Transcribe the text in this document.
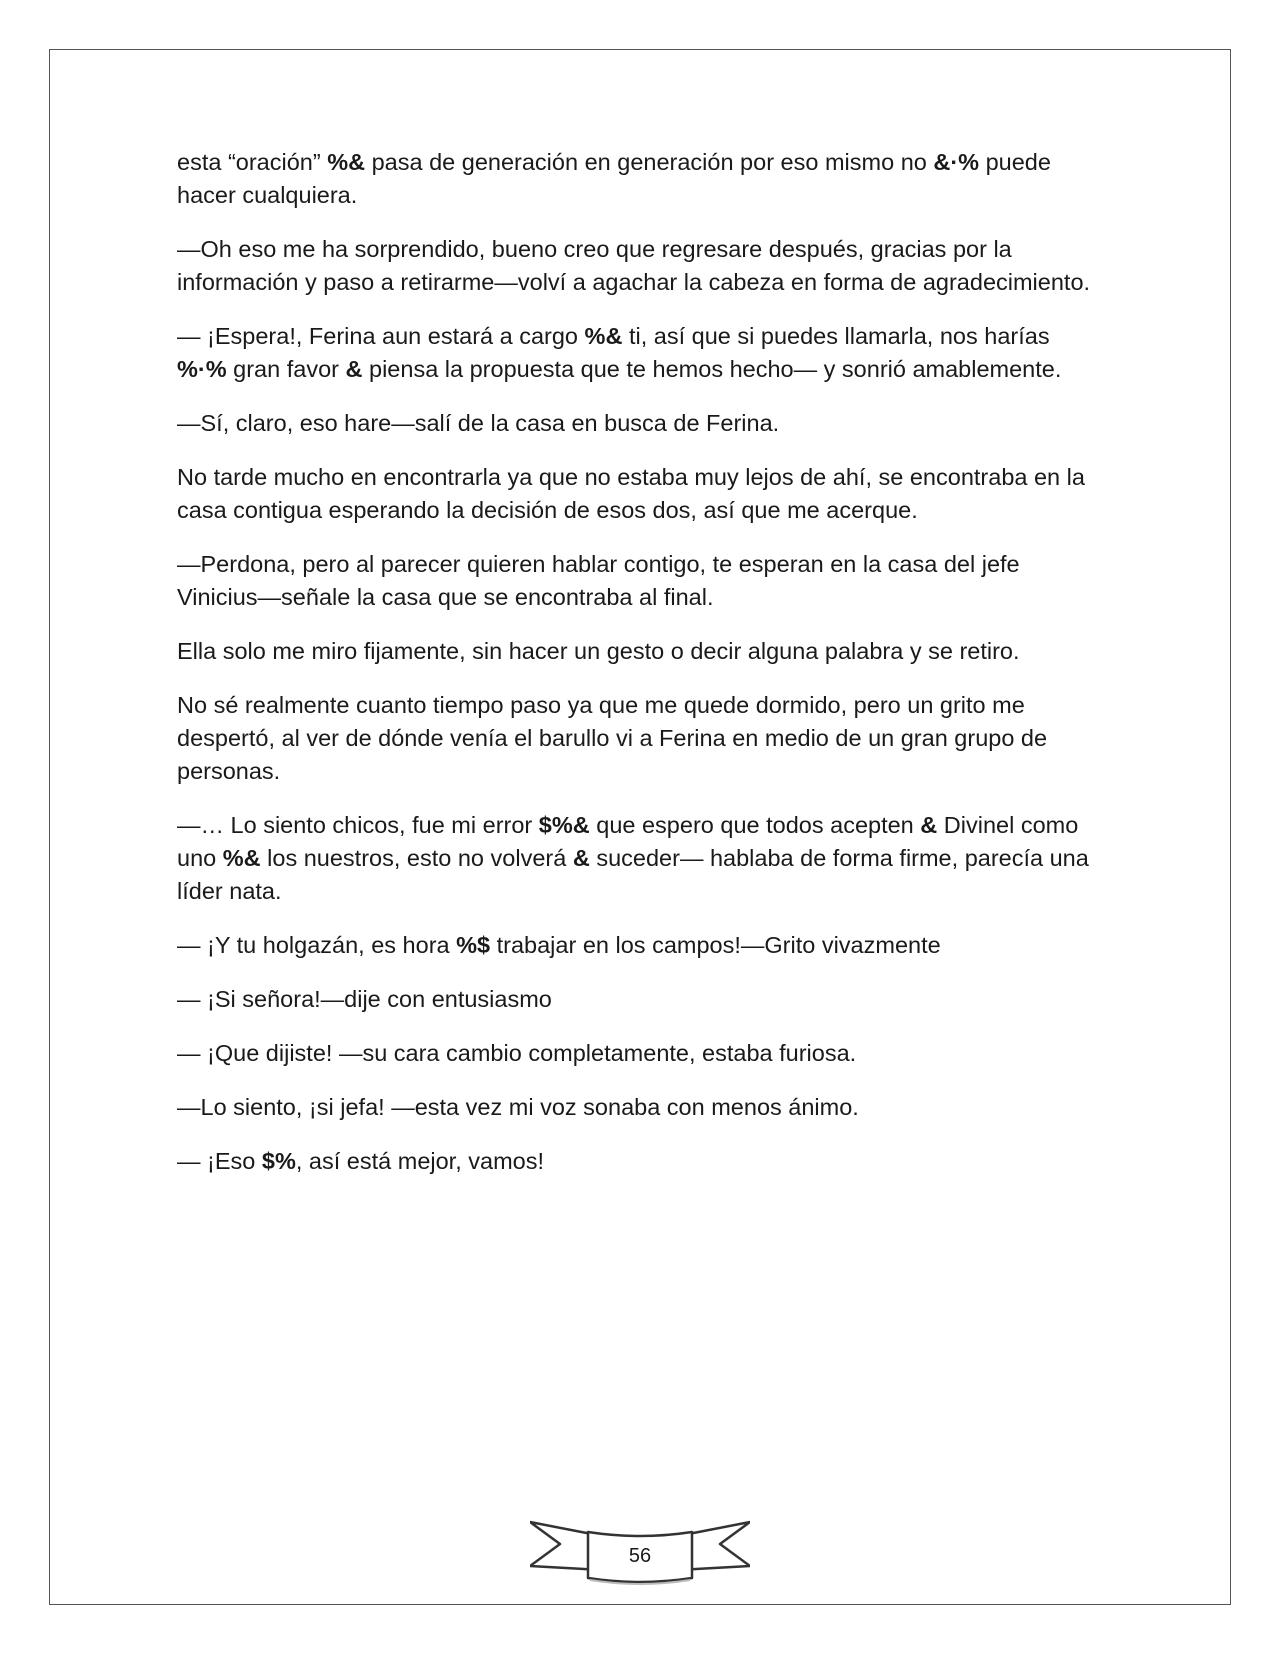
esta “oración” %& pasa de generación en generación por eso mismo no &·% puede hacer cualquiera.

—Oh eso me ha sorprendido, bueno creo que regresare después, gracias por la información y paso a retirarme—volví a agachar la cabeza en forma de agradecimiento.

— ¡Espera!, Ferina aun estará a cargo %& ti, así que si puedes llamarla, nos harías %·% gran favor & piensa la propuesta que te hemos hecho— y sonrió amablemente.

—Sí, claro, eso hare—salí de la casa en busca de Ferina.

No tarde mucho en encontrarla ya que no estaba muy lejos de ahí, se encontraba en la casa contigua esperando la decisión de esos dos, así que me acerque.

—Perdona, pero al parecer quieren hablar contigo, te esperan en la casa del jefe Vinicius—señale la casa que se encontraba al final.

Ella solo me miro fijamente, sin hacer un gesto o decir alguna palabra y se retiro.

No sé realmente cuanto tiempo paso ya que me quede dormido, pero un grito me despertó, al ver de dónde venía el barullo vi a Ferina en medio de un gran grupo de personas.

—… Lo siento chicos, fue mi error $%& que espero que todos acepten & Divinel como uno %& los nuestros, esto no volverá & suceder— hablaba de forma firme, parecía una líder nata.

— ¡Y tu holgazán, es hora %$ trabajar en los campos!—Grito vivazmente

— ¡Si señora!—dije con entusiasmo

— ¡Que dijiste! —su cara cambio completamente, estaba furiosa.

—Lo siento, ¡si jefa! —esta vez mi voz sonaba con menos ánimo.

— ¡Eso $%, así está mejor, vamos!

56
